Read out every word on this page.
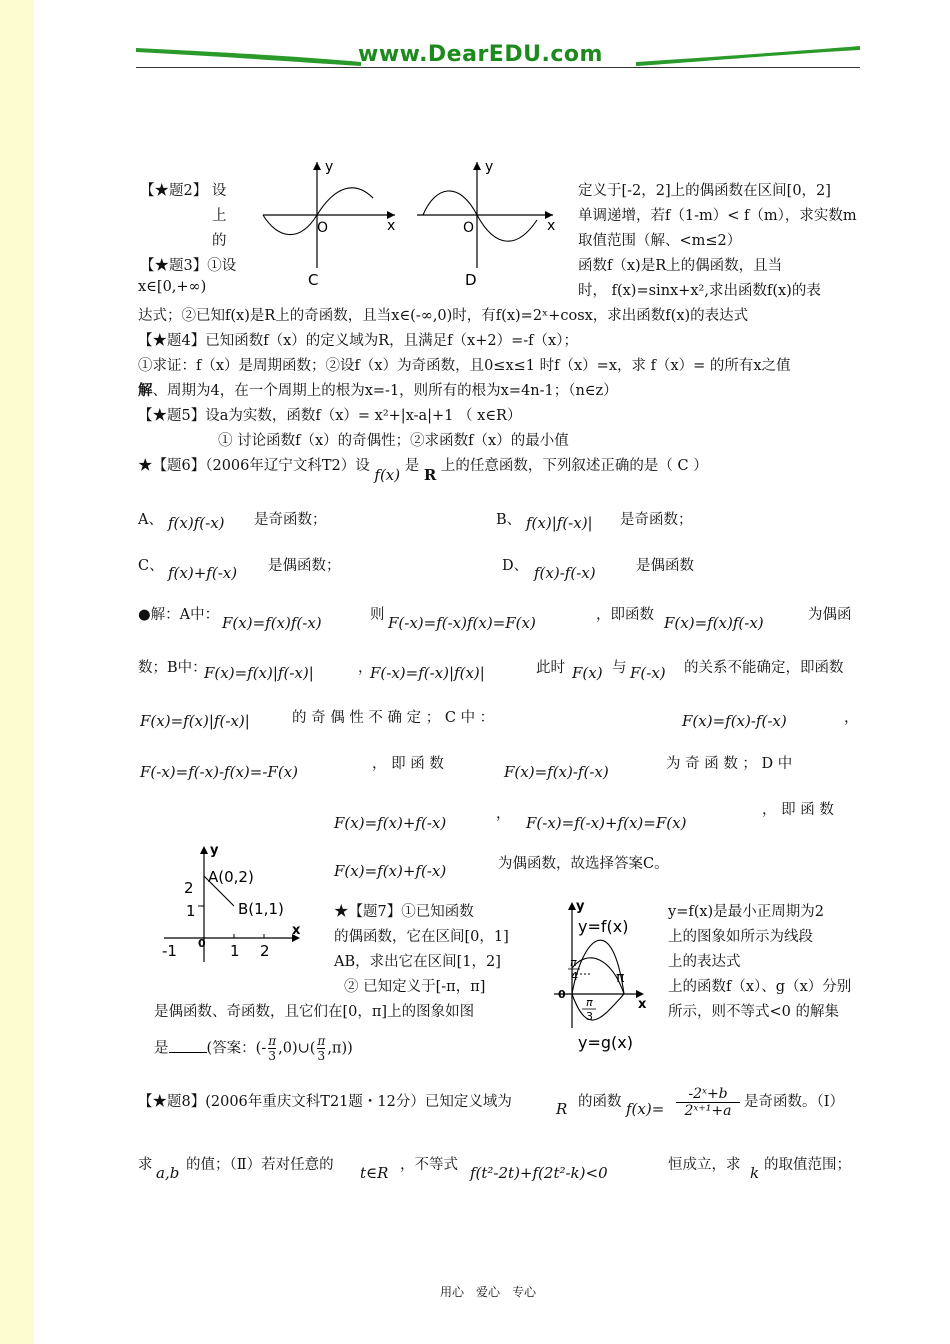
www.DearEDU.com
【★题2】 设
上
的
定义于[-2，2]上的偶函数在区间[0，2]
单调递增，若f（1-m）< f（m），求实数m
取值范围（解、<m≤2）
y
x
O
C
y
x
O
D
【★题3】①设
x∈[0,+∞)
函数f（x)是R上的偶函数，且当
时， f(x)=sinx+x²,求出函数f(x)的表
达式；②已知f(x)是R上的奇函数，且当x∈(-∞,0)时，有f(x)=2ˣ+cosx，求出函数f(x)的表达式
【★题4】已知函数f（x）的定义域为R，且满足f（x+2）=-f（x）；
①求证：f（x）是周期函数；②设f（x）为奇函数，且0≤x≤1 时f（x）=x，求 f（x）= 的所有x之值
解、周期为4，在一个周期上的根为x=-1，则所有的根为x=4n-1；（n∈z）
【★题5】设a为实数，函数f（x）= x²+|x-a|+1 （ x∈R）
① 讨论函数f（x）的奇偶性；②求函数f（x）的最小值
★【题6】（2006年辽宁文科T2）设 f(x) 是 R 上的任意函数，下列叙述正确的是（ C ）
A、 f(x)f(-x) 是奇函数；	B、 f(x)|f(-x)| 是奇函数；
C、 f(x)+f(-x) 是偶函数；	D、 f(x)-f(-x)	是偶函数
●解：A中： F(x)=f(x)f(-x)	则 F(-x)=f(-x)f(x)=F(x)	，即函数 F(x)=f(x)f(-x)	为偶函
数；B中：
F(x)=f(x)|f(-x)|	，
F(-x)=f(-x)|f(x)|	此时 F(x) 与 F(-x) 的关系不能确定，即函数
F(x)=f(x)|f(-x)|	的 奇 偶 性 不 确 定 ； C 中 ：	F(x)=f(x)-f(-x)	，
F(-x)=f(-x)-f(x)=-F(x)	， 即 函 数	F(x)=f(x)-f(-x)	为 奇 函 数 ； D 中
F(x)=f(x)+f(-x)	， F(-x)=f(-x)+f(x)=F(x)
， 即 函 数
F(x)=f(x)+f(-x)	为偶函数，故选择答案C。
y
A(0,2)
B(1,1)
2
1
-1 0 1 2
x
★【题7】①已知函数
的偶函数，它在区间[0，1]
AB，求出它在区间[1，2]
② 已知定义于[-π，π]
是偶函数、奇函数，且它们在[0，π]上的图象如图
是	(答案：(- $\frac{\pi}{3}$ ,0)∪( $\frac{\pi}{3} ,\pi$))
y
y=f(x)
y=g(x)
π
4	π
0
π
3
x
y=f(x)是最小正周期为2
上的图象如所示为线段
上的表达式
上的函数f（x）、g（x）分别
所示，则不等式<0 的解集
【★题8】(2006年重庆文科T21题・12分）已知定义域为	R 的函数 $f(x)= \frac{\text{-2ˣ+b}}{\text{2ˣ⁺¹+a}}$ 是奇函数。（Ⅰ）
求 a,b 的值；（Ⅱ）若对任意的 t∈R ，不等式 f(t²-2t)+f(2t²-k)<0	恒成立，求 k 的取值范围；
用心　爱心　专心
